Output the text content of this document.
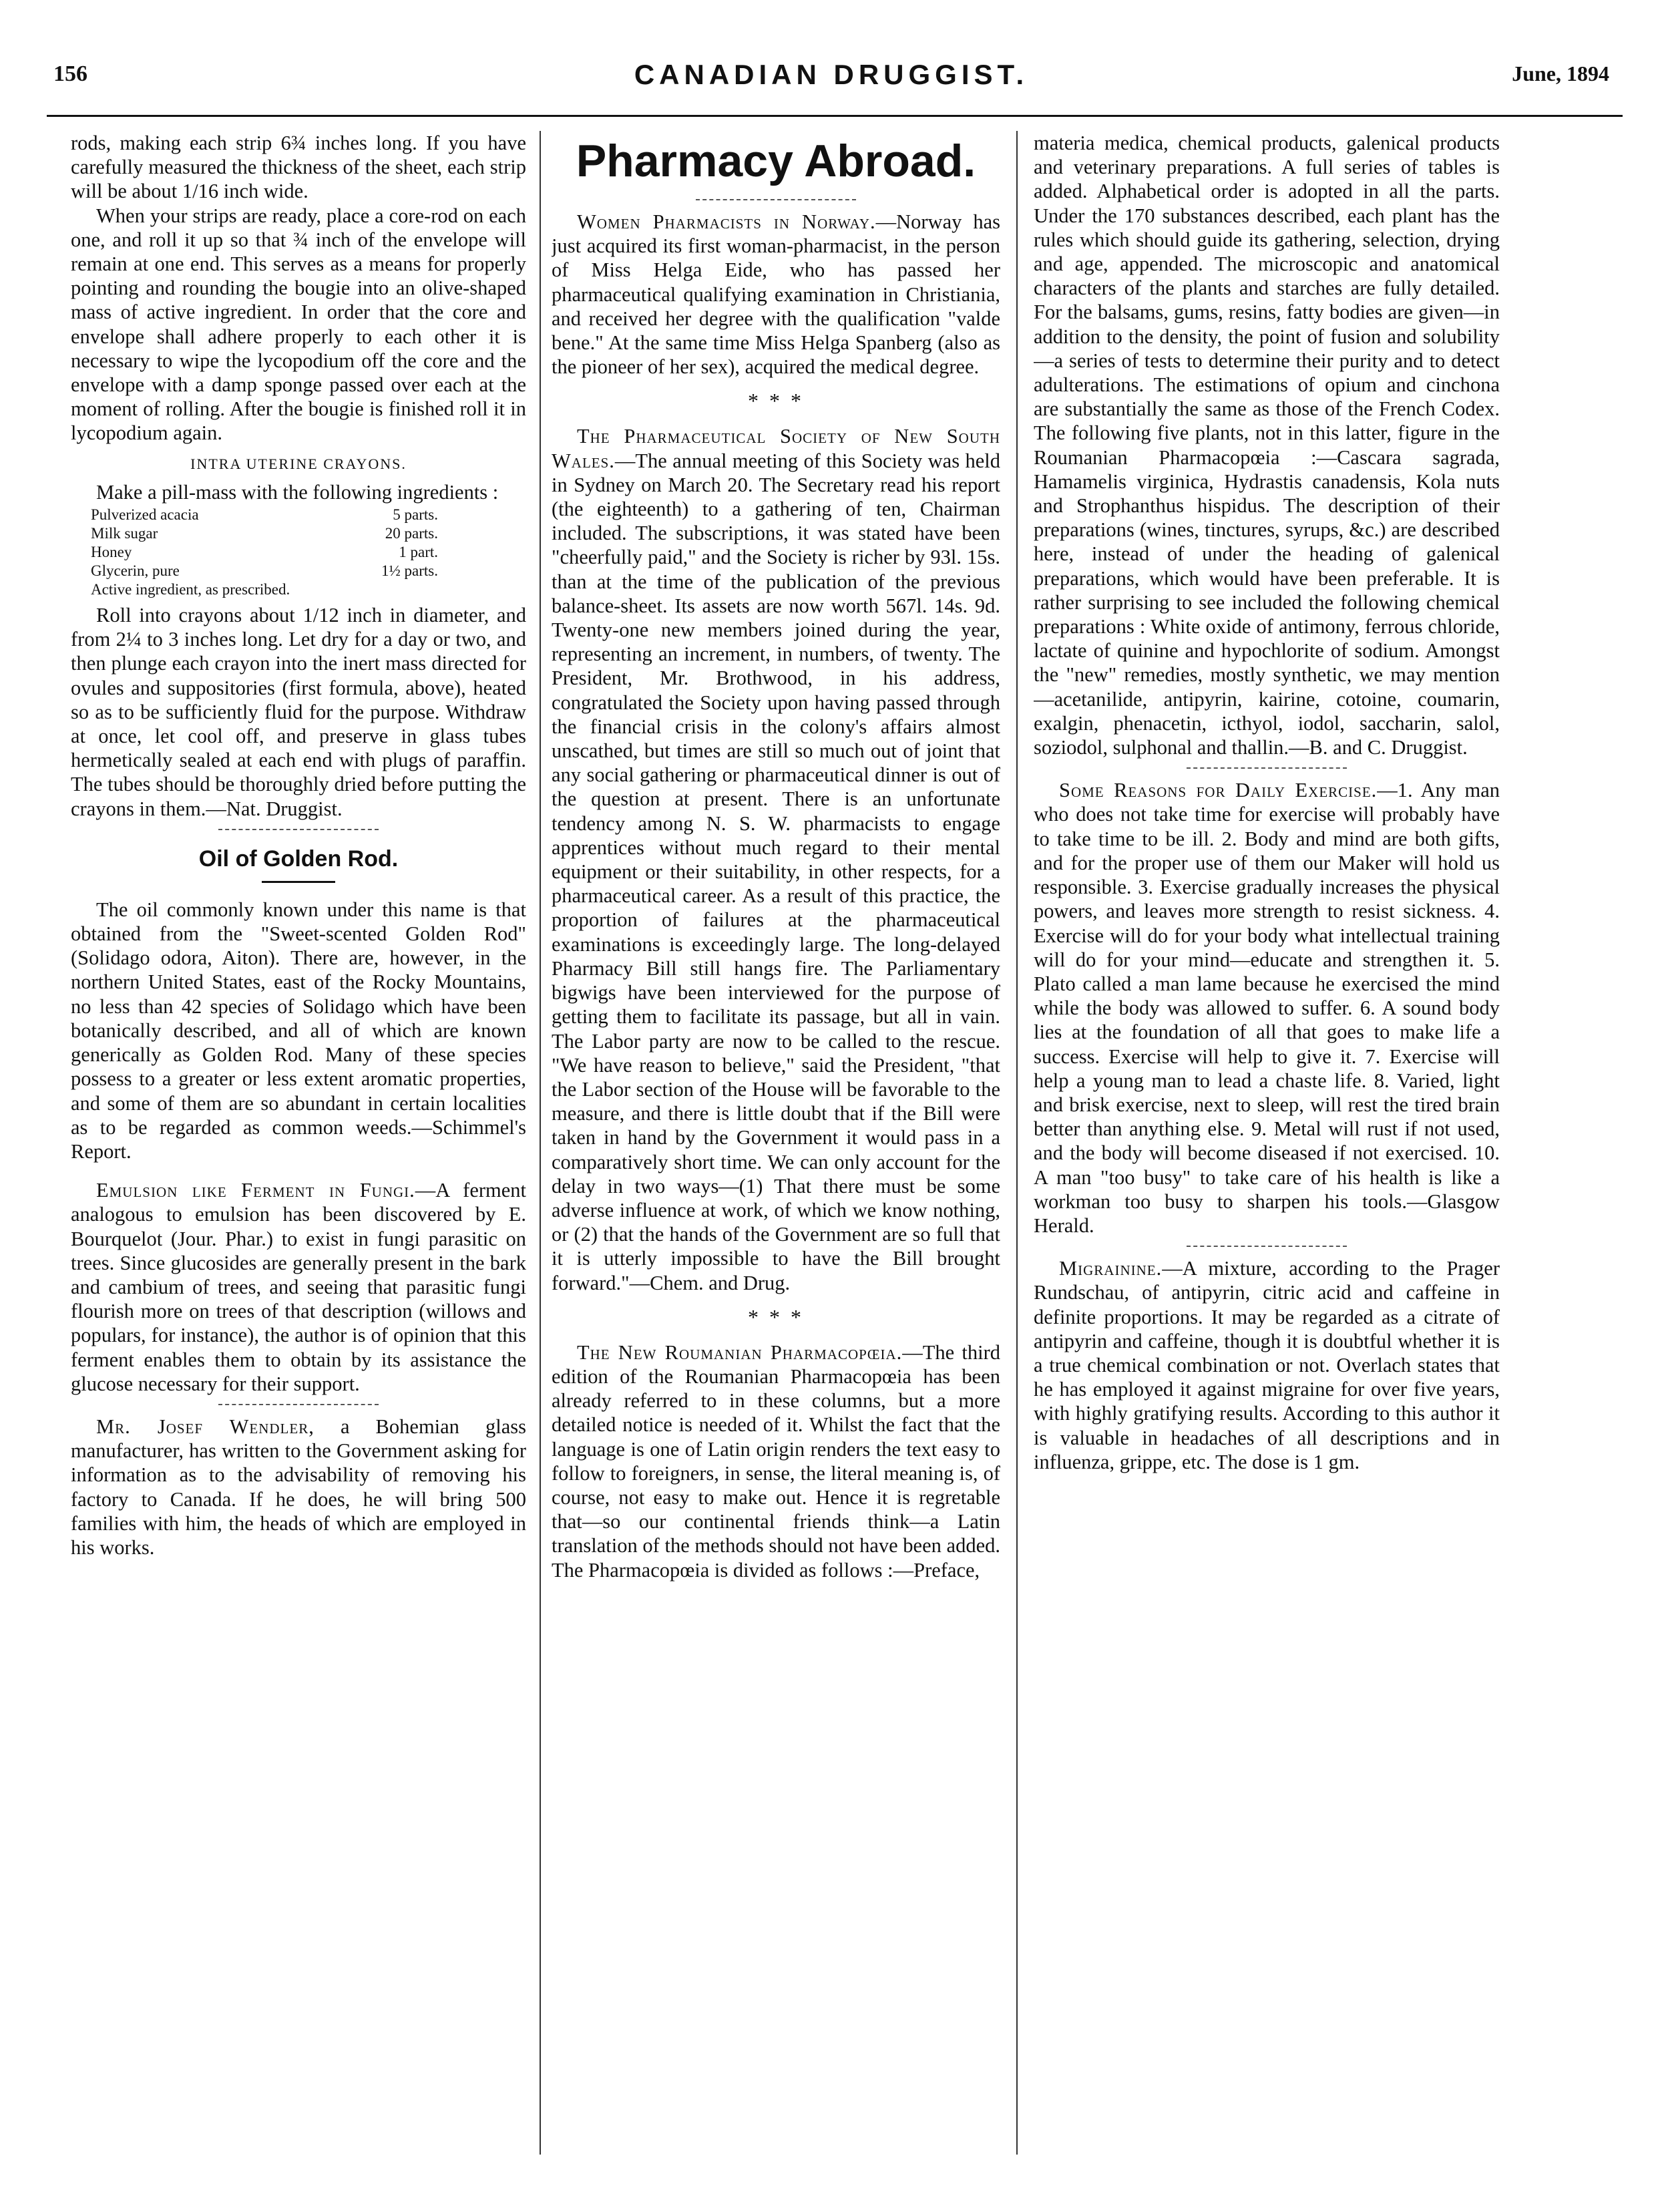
156	CANADIAN DRUGGIST.	June, 1894

rods, making each strip 6¾ inches long. If you have carefully measured the thickness of the sheet, each strip will be about 1/16 inch wide.

When your strips are ready, place a core-rod on each one, and roll it up so that ¾ inch of the envelope will remain at one end. This serves as a means for properly pointing and rounding the bougie into an olive-shaped mass of active ingredient. In order that the core and envelope shall adhere properly to each other it is necessary to wipe the lycopodium off the core and the envelope with a damp sponge passed over each at the moment of rolling. After the bougie is finished roll it in lycopodium again.

INTRA UTERINE CRAYONS.

Make a pill-mass with the following ingredients :

Pulverized acacia	5 parts.
Milk sugar	20 parts.
Honey	1 part.
Glycerin, pure	1½ parts.
Active ingredient, as prescribed.

Roll into crayons about 1/12 inch in diameter, and from 2¼ to 3 inches long. Let dry for a day or two, and then plunge each crayon into the inert mass directed for ovules and suppositories (first formula, above), heated so as to be sufficiently fluid for the purpose. Withdraw at once, let cool off, and preserve in glass tubes hermetically sealed at each end with plugs of paraffin. The tubes should be thoroughly dried before putting the crayons in them.—Nat. Druggist.

Oil of Golden Rod.

The oil commonly known under this name is that obtained from the "Sweet-scented Golden Rod" (Solidago odora, Aiton). There are, however, in the northern United States, east of the Rocky Mountains, no less than 42 species of Solidago which have been botanically described, and all of which are known generically as Golden Rod. Many of these species possess to a greater or less extent aromatic properties, and some of them are so abundant in certain localities as to be regarded as common weeds.—Schimmel's Report.

Emulsion like Ferment in Fungi.—A ferment analogous to emulsion has been discovered by E. Bourquelot (Jour. Phar.) to exist in fungi parasitic on trees. Since glucosides are generally present in the bark and cambium of trees, and seeing that parasitic fungi flourish more on trees of that description (willows and populars, for instance), the author is of opinion that this ferment enables them to obtain by its assistance the glucose necessary for their support.

Mr. Josef Wendler, a Bohemian glass manufacturer, has written to the Government asking for information as to the advisability of removing his factory to Canada. If he does, he will bring 500 families with him, the heads of which are employed in his works.

Pharmacy Abroad.

Women Pharmacists in Norway.—Norway has just acquired its first woman-pharmacist, in the person of Miss Helga Eide, who has passed her pharmaceutical qualifying examination in Christiania, and received her degree with the qualification "valde bene." At the same time Miss Helga Spanberg (also as the pioneer of her sex), acquired the medical degree.

* * *

The Pharmaceutical Society of New South Wales.—The annual meeting of this Society was held in Sydney on March 20. The Secretary read his report (the eighteenth) to a gathering of ten, Chairman included. The subscriptions, it was stated have been "cheerfully paid," and the Society is richer by 93l. 15s. than at the time of the publication of the previous balance-sheet. Its assets are now worth 567l. 14s. 9d. Twenty-one new members joined during the year, representing an increment, in numbers, of twenty. The President, Mr. Brothwood, in his address, congratulated the Society upon having passed through the financial crisis in the colony's affairs almost unscathed, but times are still so much out of joint that any social gathering or pharmaceutical dinner is out of the question at present. There is an unfortunate tendency among N. S. W. pharmacists to engage apprentices without much regard to their mental equipment or their suitability, in other respects, for a pharmaceutical career. As a result of this practice, the proportion of failures at the pharmaceutical examinations is exceedingly large. The long-delayed Pharmacy Bill still hangs fire. The Parliamentary bigwigs have been interviewed for the purpose of getting them to facilitate its passage, but all in vain. The Labor party are now to be called to the rescue. "We have reason to believe," said the President, "that the Labor section of the House will be favorable to the measure, and there is little doubt that if the Bill were taken in hand by the Government it would pass in a comparatively short time. We can only account for the delay in two ways—(1) That there must be some adverse influence at work, of which we know nothing, or (2) that the hands of the Government are so full that it is utterly impossible to have the Bill brought forward."—Chem. and Drug.

* * *

The New Roumanian Pharmacopœia.—The third edition of the Roumanian Pharmacopœia has been already referred to in these columns, but a more detailed notice is needed of it. Whilst the fact that the language is one of Latin origin renders the text easy to follow to foreigners, in sense, the literal meaning is, of course, not easy to make out. Hence it is regretable that—so our continental friends think—a Latin translation of the methods should not have been added. The Pharmacopœia is divided as follows :—Preface,

materia medica, chemical products, galenical products and veterinary preparations. A full series of tables is added. Alphabetical order is adopted in all the parts. Under the 170 substances described, each plant has the rules which should guide its gathering, selection, drying and age, appended. The microscopic and anatomical characters of the plants and starches are fully detailed. For the balsams, gums, resins, fatty bodies are given—in addition to the density, the point of fusion and solubility—a series of tests to determine their purity and to detect adulterations. The estimations of opium and cinchona are substantially the same as those of the French Codex. The following five plants, not in this latter, figure in the Roumanian Pharmacopœia :—Cascara sagrada, Hamamelis virginica, Hydrastis canadensis, Kola nuts and Strophanthus hispidus. The description of their preparations (wines, tinctures, syrups, &c.) are described here, instead of under the heading of galenical preparations, which would have been preferable. It is rather surprising to see included the following chemical preparations : White oxide of antimony, ferrous chloride, lactate of quinine and hypochlorite of sodium. Amongst the "new" remedies, mostly synthetic, we may mention—acetanilide, antipyrin, kairine, cotoine, coumarin, exalgin, phenacetin, icthyol, iodol, saccharin, salol, soziodol, sulphonal and thallin.—B. and C. Druggist.

Some Reasons for Daily Exercise.—1. Any man who does not take time for exercise will probably have to take time to be ill. 2. Body and mind are both gifts, and for the proper use of them our Maker will hold us responsible. 3. Exercise gradually increases the physical powers, and leaves more strength to resist sickness. 4. Exercise will do for your body what intellectual training will do for your mind—educate and strengthen it. 5. Plato called a man lame because he exercised the mind while the body was allowed to suffer. 6. A sound body lies at the foundation of all that goes to make life a success. Exercise will help to give it. 7. Exercise will help a young man to lead a chaste life. 8. Varied, light and brisk exercise, next to sleep, will rest the tired brain better than anything else. 9. Metal will rust if not used, and the body will become diseased if not exercised. 10. A man "too busy" to take care of his health is like a workman too busy to sharpen his tools.—Glasgow Herald.

Migrainine.—A mixture, according to the Prager Rundschau, of antipyrin, citric acid and caffeine in definite proportions. It may be regarded as a citrate of antipyrin and caffeine, though it is doubtful whether it is a true chemical combination or not. Overlach states that he has employed it against migraine for over five years, with highly gratifying results. According to this author it is valuable in headaches of all descriptions and in influenza, grippe, etc. The dose is 1 gm.
